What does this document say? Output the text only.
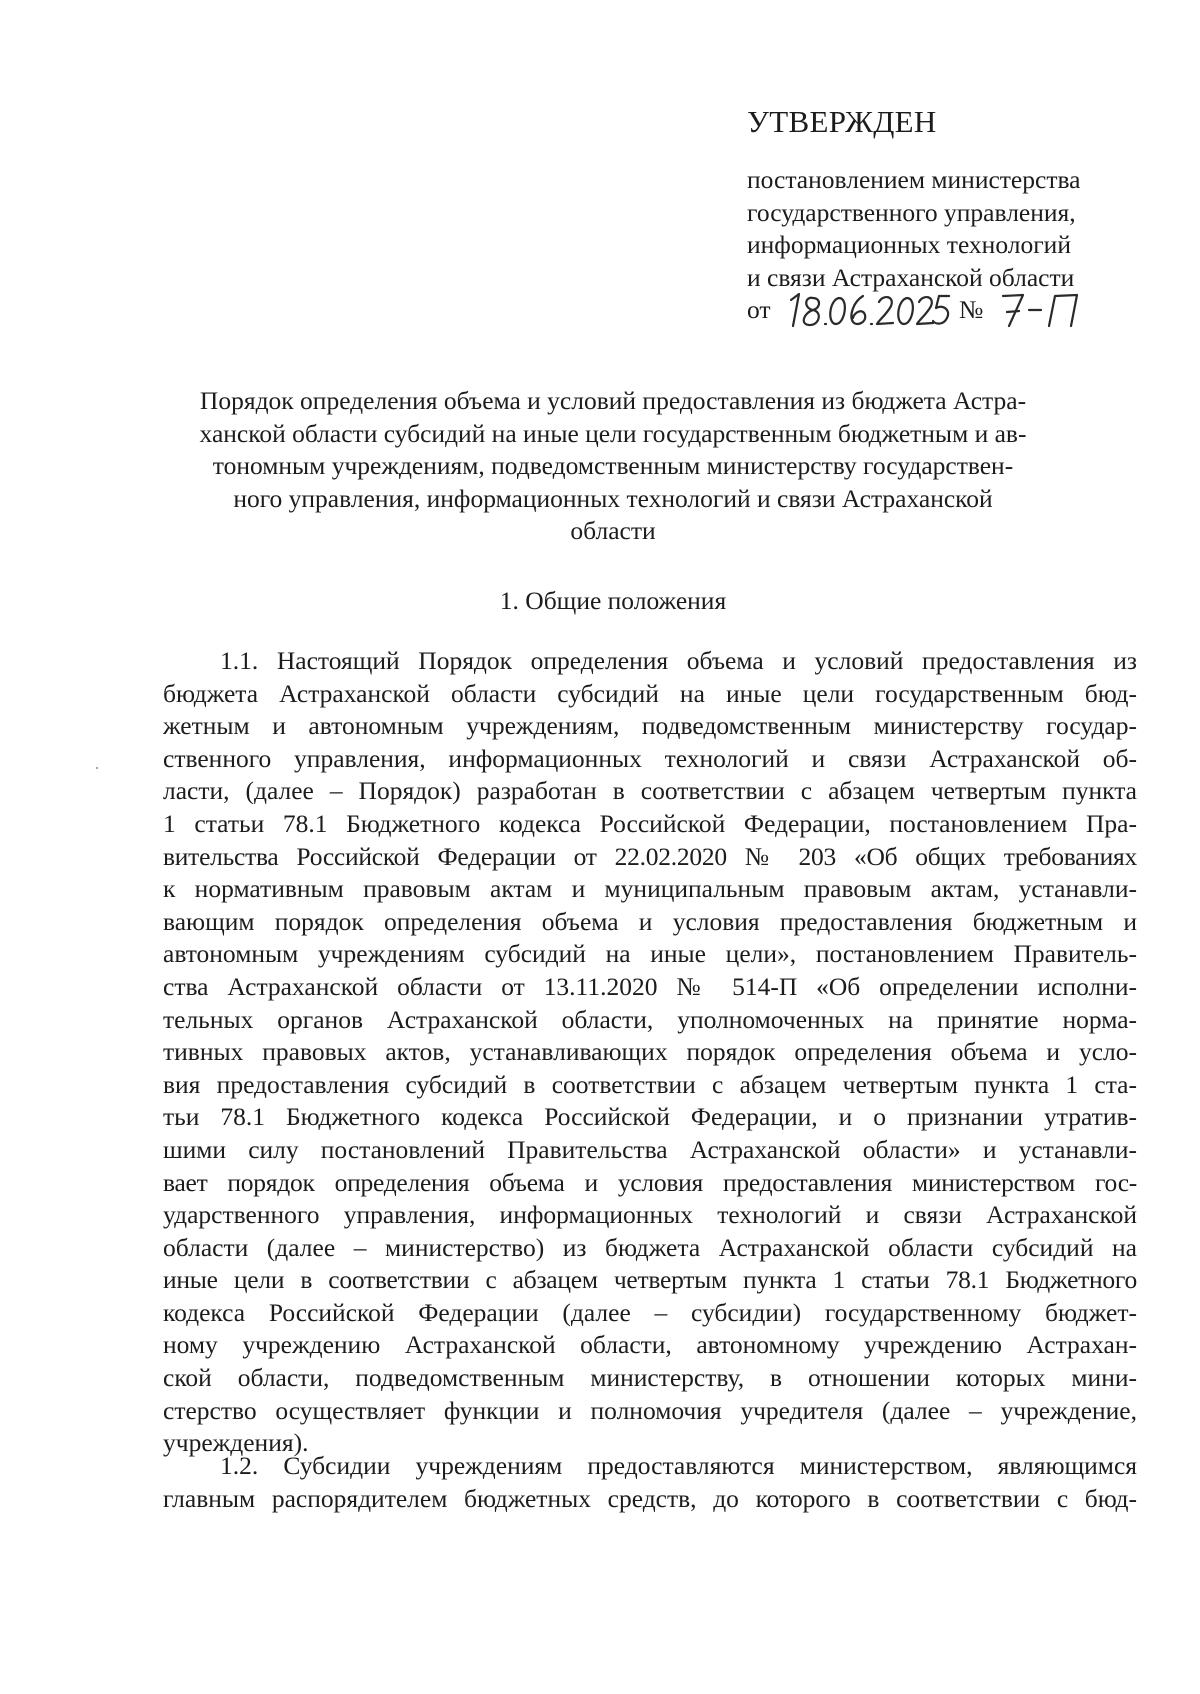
УТВЕРЖДЕН
постановлением министерства
государственного управления,
информационных технологий
и связи Астраханской области
от	№
Порядок определения объема и условий предоставления из бюджета Астра-
ханской области субсидий на иные цели государственным бюджетным и ав-
тономным учреждениям, подведомственным министерству государствен-
ного управления, информационных технологий и связи Астраханской
области
1. Общие положения
1.1. Настоящий Порядок определения объема и условий предоставления из
бюджета Астраханской области субсидий на иные цели государственным бюд-
жетным и автономным учреждениям, подведомственным министерству государ-
ственного управления, информационных технологий и связи Астраханской об-
ласти, (далее – Порядок) разработан в соответствии с абзацем четвертым пункта
1 статьи 78.1 Бюджетного кодекса Российской Федерации, постановлением Пра-
вительства Российской Федерации от 22.02.2020 № 203 «Об общих требованиях
к нормативным правовым актам и муниципальным правовым актам, устанавли-
вающим порядок определения объема и условия предоставления бюджетным и
автономным учреждениям субсидий на иные цели», постановлением Правитель-
ства Астраханской области от 13.11.2020 № 514-П «Об определении исполни-
тельных органов Астраханской области, уполномоченных на принятие норма-
тивных правовых актов, устанавливающих порядок определения объема и усло-
вия предоставления субсидий в соответствии с абзацем четвертым пункта 1 ста-
тьи 78.1 Бюджетного кодекса Российской Федерации, и о признании утратив-
шими силу постановлений Правительства Астраханской области» и устанавли-
вает порядок определения объема и условия предоставления министерством гос-
ударственного управления, информационных технологий и связи Астраханской
области (далее – министерство) из бюджета Астраханской области субсидий на
иные цели в соответствии с абзацем четвертым пункта 1 статьи 78.1 Бюджетного
кодекса Российской Федерации (далее – субсидии) государственному бюджет-
ному учреждению Астраханской области, автономному учреждению Астрахан-
ской области, подведомственным министерству, в отношении которых мини-
стерство осуществляет функции и полномочия учредителя (далее – учреждение,
учреждения).
1.2. Субсидии учреждениям предоставляются министерством, являющимся
главным распорядителем бюджетных средств, до которого в соответствии с бюд-
